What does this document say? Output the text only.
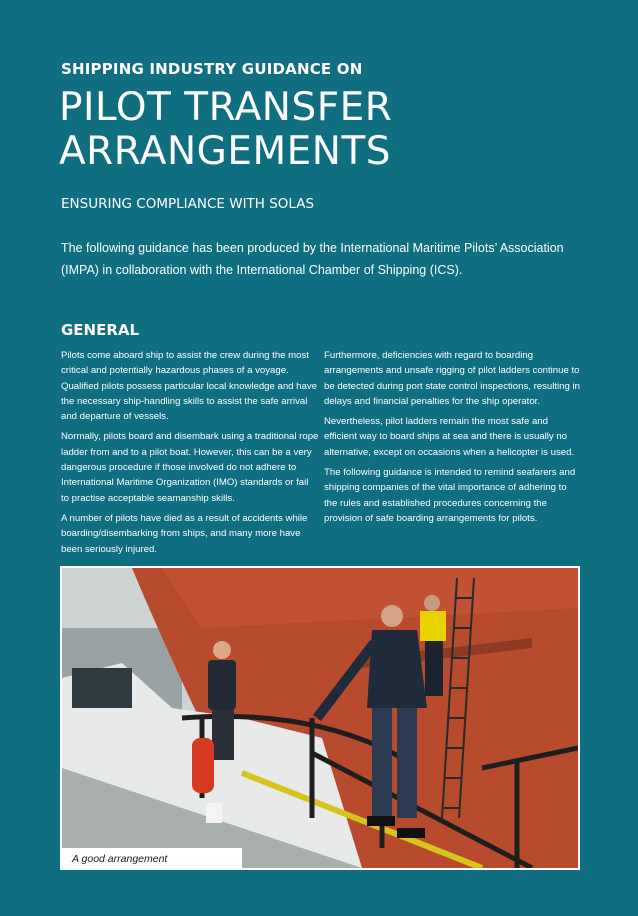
SHIPPING INDUSTRY GUIDANCE ON
PILOT TRANSFER
ARRANGEMENTS
ENSURING COMPLIANCE WITH SOLAS

The following guidance has been produced by the International Maritime Pilots’ Association
(IMPA) in collaboration with the International Chamber of Shipping (ICS).

GENERAL

Pilots come aboard ship to assist the crew during the most critical and potentially hazardous phases of a voyage. Qualified pilots possess particular local knowledge and have the necessary ship-handling skills to assist the safe arrival and departure of vessels.

Normally, pilots board and disembark using a traditional rope ladder from and to a pilot boat. However, this can be a very dangerous procedure if those involved do not adhere to International Maritime Organization (IMO) standards or fail to practise acceptable seamanship skills.

A number of pilots have died as a result of accidents while boarding/disembarking from ships, and many more have been seriously injured.

Furthermore, deficiencies with regard to boarding arrangements and unsafe rigging of pilot ladders continue to be detected during port state control inspections, resulting in delays and financial penalties for the ship operator.

Nevertheless, pilot ladders remain the most safe and efficient way to board ships at sea and there is usually no alternative, except on occasions when a helicopter is used.

The following guidance is intended to remind seafarers and shipping companies of the vital importance of adhering to the rules and established procedures concerning the provision of safe boarding arrangements for pilots.

A good arrangement
